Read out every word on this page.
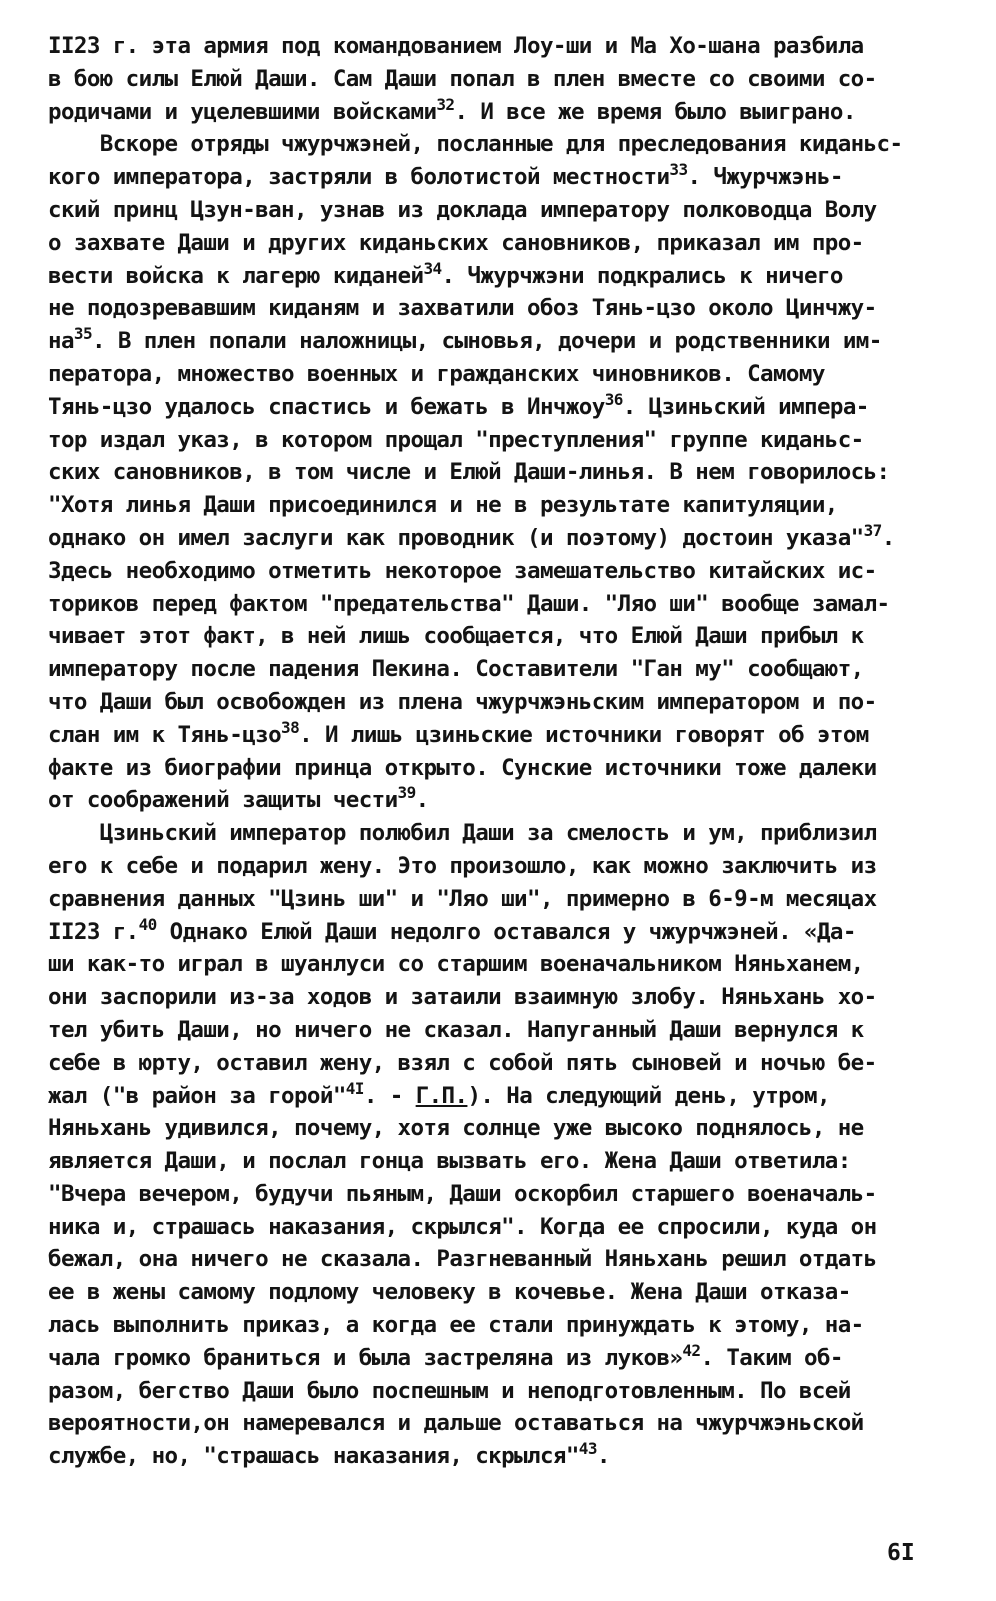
II23 г. эта армия под командованием Лоу-ши и Ма Хо-шана разбила
в бою силы Елюй Даши. Сам Даши попал в плен вместе со своими со-
родичами и уцелевшими войсками$^{32}$. И все же время было выиграно.
Вскоре отряды чжурчжэней, посланные для преследования киданьс-
кого императора, застряли в болотистой местности$^{33}$. Чжурчжэнь-
ский принц Цзун-ван, узнав из доклада императору полководца Волу
о захвате Даши и других киданьских сановников, приказал им про-
вести войска к лагерю киданей$^{34}$. Чжурчжэни подкрались к ничего
не подозревавшим киданям и захватили обоз Тянь-цзо около Цинчжу-
$на^{35}$. В плен попали наложницы, сыновья, дочери и родственники им-
ператора, множество военных и гражданских чиновников. Самому
Тянь-цзо удалось спастись и бежать в Инчжоу$^{36}$. Цзиньский импера-
тор издал указ, в котором прощал "преступления" группе киданьс-
ских сановников, в том числе и Елюй Даши-линья. В нем говорилось:
"Хотя линья Даши присоединился и не в результате капитуляции,
однако он имел заслуги как проводник (и поэтому) достоин указа"$^{37}$.
Здесь необходимо отметить некоторое замешательство китайских ис-
ториков перед фактом "предательства" Даши. "Ляо ши" вообще замал-
чивает этот факт, в ней лишь сообщается, что Елюй Даши прибыл к
императору после падения Пекина. Составители "Ган му" сообщают,
что Даши был освобожден из плена чжурчжэньским императором и по-
слан им к Тянь-цзо$^{38}$. И лишь цзиньские источники говорят об этом
факте из биографии принца открыто. Сунские источники тоже далеки
от соображений защиты чести$^{39}$.
Цзиньский император полюбил Даши за смелость и ум, приблизил
его к себе и подарил жену. Это произошло, как можно заключить из
сравнения данных "Цзинь ши" и "Ляо ши", примерно в 6-9-м месяцах
II23 г.$^{40}$ Однако Елюй Даши недолго оставался у чжурчжэней. «Да-
ши как-то играл в шуанлуси со старшим военачальником Няньханем,
они заспорили из-за ходов и затаили взаимную злобу. Няньхань хо-
тел убить Даши, но ничего не сказал. Напуганный Даши вернулся к
себе в юрту, оставил жену, взял с собой пять сыновей и ночью бе-
жал ("в район за горой"$^{4I}$. - Г.П.). На следующий день, утром,
Няньхань удивился, почему, хотя солнце уже высоко поднялось, не
является Даши, и послал гонца вызвать его. Жена Даши ответила:
"Вчера вечером, будучи пьяным, Даши оскорбил старшего военачаль-
ника и, страшась наказания, скрылся". Когда ее спросили, куда он
бежал, она ничего не сказала. Разгневанный Няньхань решил отдать
ее в жены самому подлому человеку в кочевье. Жена Даши отказа-
лась выполнить приказ, а когда ее стали принуждать к этому, на-
чала громко браниться и была застреляна из луков»$^{42}$. Таким об-
разом, бегство Даши было поспешным и неподготовленным. По всей
вероятности,он намеревался и дальше оставаться на чжурчжэньской
службе, но, "страшась наказания, скрылся"$^{43}$.
6I
